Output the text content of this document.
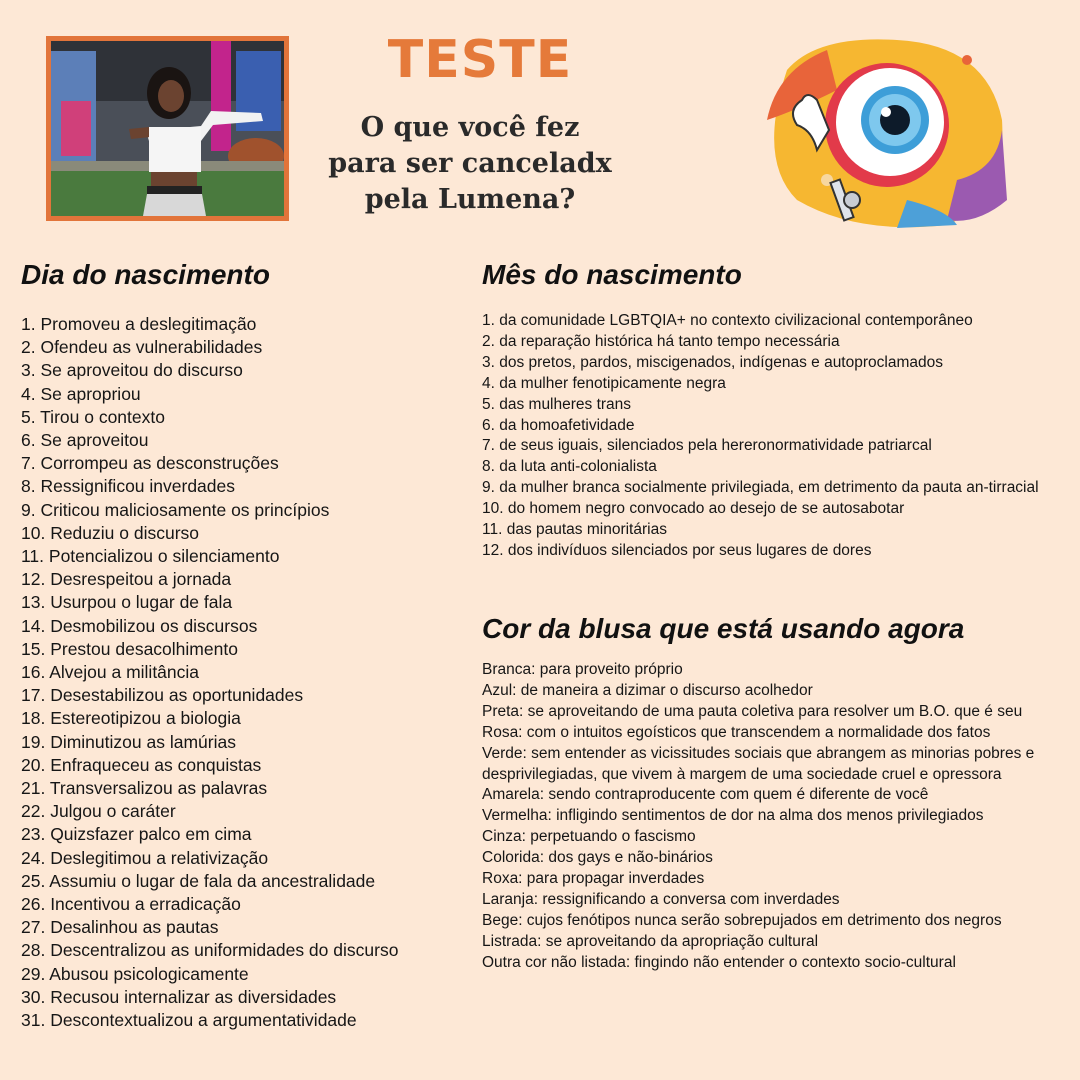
TESTE
O que você fez
para ser canceladx
pela Lumena?
Dia do nascimento
1. Promoveu a deslegitimação
2. Ofendeu as vulnerabilidades
3. Se aproveitou do discurso
4. Se apropriou
5. Tirou o contexto
6. Se aproveitou
7. Corrompeu as desconstruções
8. Ressignificou inverdades
9. Criticou maliciosamente os princípios
10. Reduziu o discurso
11. Potencializou o silenciamento
12. Desrespeitou a jornada
13. Usurpou o lugar de fala
14. Desmobilizou os discursos
15. Prestou desacolhimento
16. Alvejou a militância
17. Desestabilizou as oportunidades
18. Estereotipizou a biologia
19. Diminutizou as lamúrias
20. Enfraqueceu as conquistas
21. Transversalizou as palavras
22. Julgou o caráter
23. Quizsfazer palco em cima
24. Deslegitimou a relativização
25. Assumiu o lugar de fala da ancestralidade
26. Incentivou a erradicação
27. Desalinhou as pautas
28. Descentralizou as uniformidades do discurso
29. Abusou psicologicamente
30. Recusou internalizar as diversidades
31. Descontextualizou a argumentatividade
Mês do nascimento
1. da comunidade LGBTQIA+ no contexto civilizacional contemporâneo
2. da reparação histórica há tanto tempo necessária
3. dos pretos, pardos, miscigenados, indígenas e autoproclamados
4. da mulher fenotipicamente negra
5. das mulheres trans
6. da homoafetividade
7. de seus iguais, silenciados pela hereronormatividade patriarcal
8. da luta anti-colonialista
9. da mulher branca socialmente privilegiada, em detrimento da pauta an-tirracial
10. do homem negro convocado ao desejo de se autosabotar
11. das pautas minoritárias
12. dos indivíduos silenciados por seus lugares de dores
Cor da blusa que está usando agora
Branca: para proveito próprio
Azul: de maneira a dizimar o discurso acolhedor
Preta: se aproveitando de uma pauta coletiva para resolver um B.O. que é seu
Rosa: com o intuitos egoísticos que transcendem a normalidade dos fatos
Verde: sem entender as vicissitudes sociais que abrangem as minorias pobres e desprivilegiadas, que vivem à margem de uma sociedade cruel e opressora
Amarela: sendo contraproducente com quem é diferente de você
Vermelha: infligindo sentimentos de dor na alma dos menos privilegiados
Cinza: perpetuando o fascismo
Colorida: dos gays e não-binários
Roxa: para propagar inverdades
Laranja: ressignificando a conversa com inverdades
Bege: cujos fenótipos nunca serão sobrepujados em detrimento dos negros
Listrada: se aproveitando da apropriação cultural
Outra cor não listada: fingindo não entender o contexto socio-cultural
